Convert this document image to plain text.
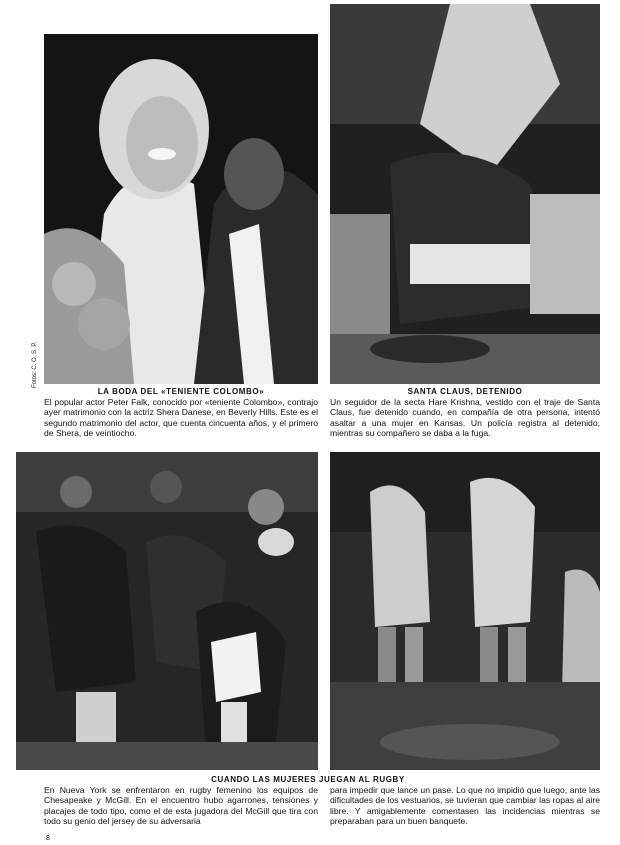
Fotos: C. O. S. P.
LA BODA DEL «TENIENTE COLOMBO»
El popular actor Peter Falk, conocido por «teniente Colombo», contrajo ayer matrimonio con la actriz Shera Danese, en Beverly Hills. Este es el segundo matrimonio del actor, que cuenta cincuenta años, y el primero de Shera, de veintiocho.
SANTA CLAUS, DETENIDO
Un seguidor de la secta Hare Krishna, vestido con el traje de Santa Claus, fue detenido cuando, en compañía de otra persona, intentó asaltar a una mujer en Kansas. Un policía registra al detenido, mientras su compañero se daba a la fuga.
CUANDO LAS MUJERES JUEGAN AL RUGBY
En Nueva York se enfrentaron en rugby femenino los equipos de Chesapeake y McGill. En el encuentro hubo agarrones, tensiones y placajes de todo tipo, como el de esta jugadora del McGill que tira con todo su genio del jersey de su adversaria
para impedir que lance un pase. Lo que no impidió que luego, ante las dificultades de los vestuarios, se tuvieran que cambiar las ropas al aire libre. Y amigablemente comentasen las incidencias mientras se preparaban para un buen banquete.
8
